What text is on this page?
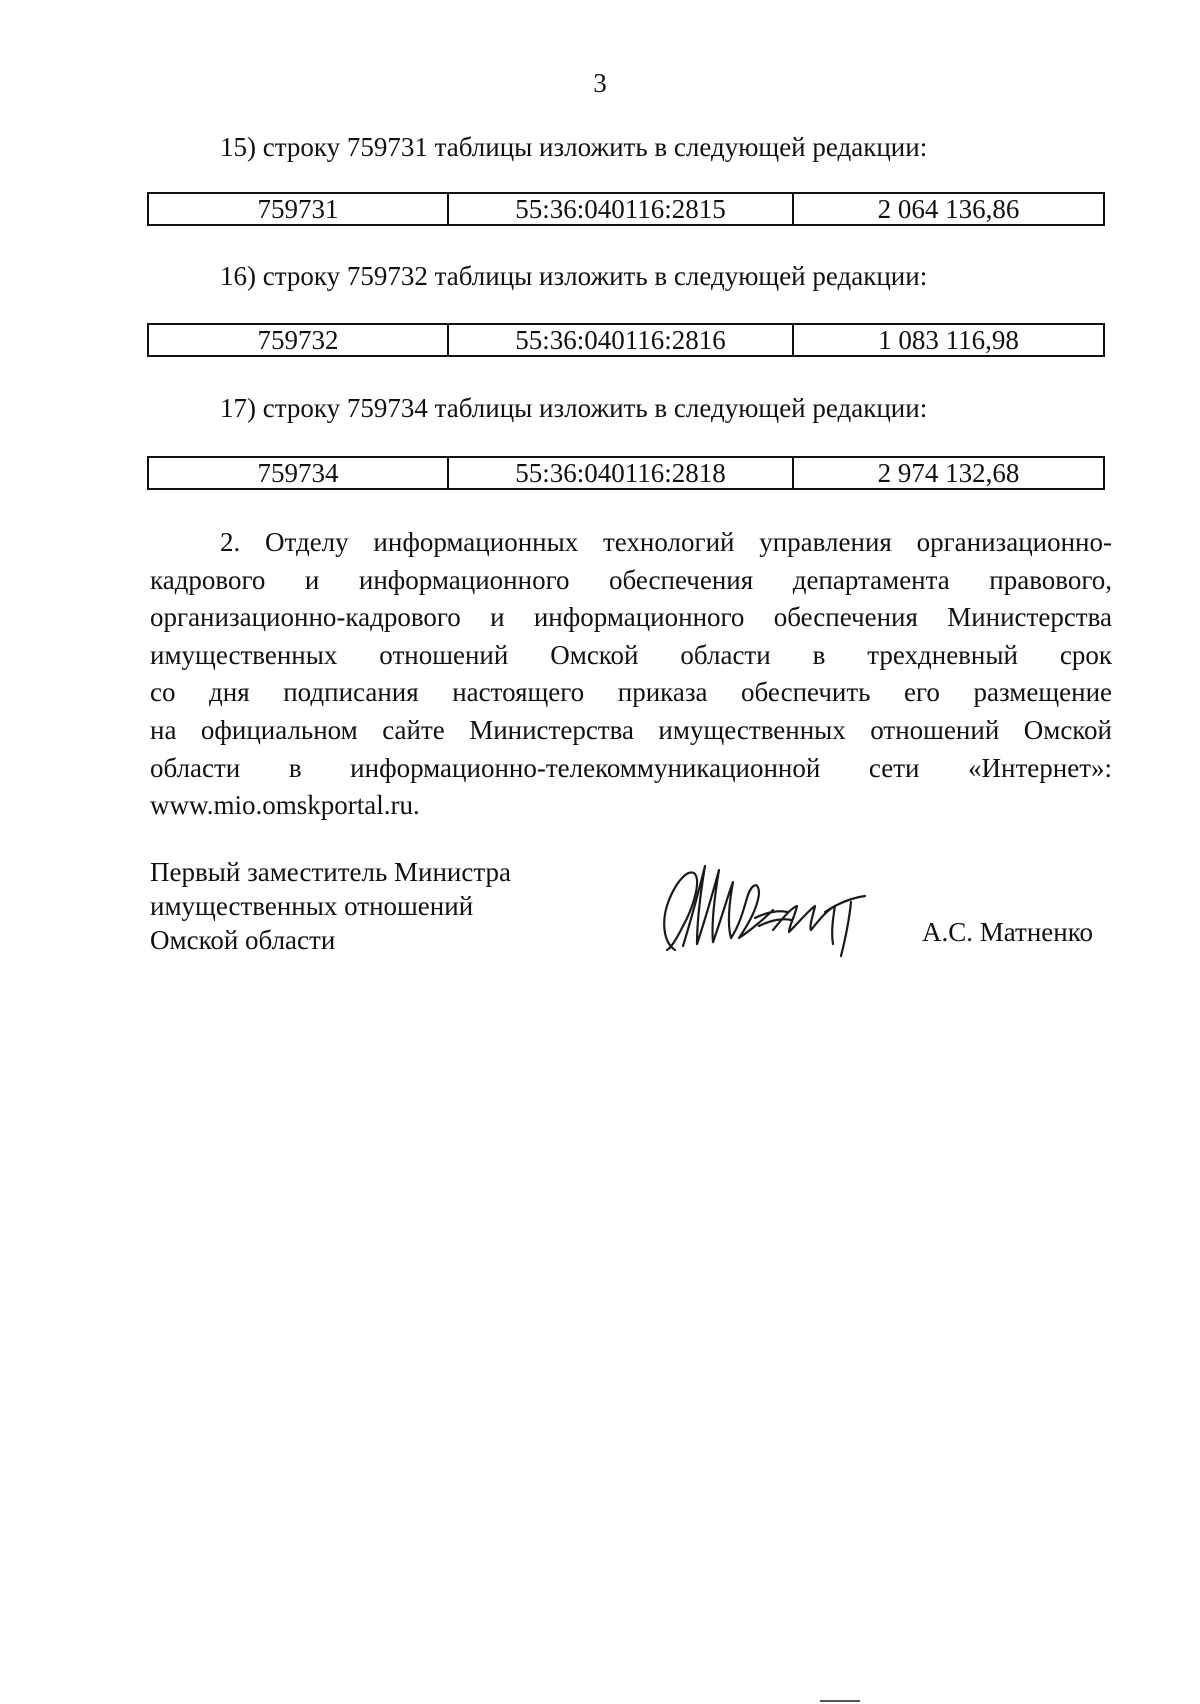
3
15) строку 759731 таблицы изложить в следующей редакции:
759731	55:36:040116:2815	2 064 136,86
16) строку 759732 таблицы изложить в следующей редакции:
759732	55:36:040116:2816	1 083 116,98
17) строку 759734 таблицы изложить в следующей редакции:
759734	55:36:040116:2818	2 974 132,68
2. Отделу информационных технологий управления организационно-
кадрового и информационного обеспечения департамента правового,
организационно-кадрового и информационного обеспечения Министерства
имущественных отношений Омской области в трехдневный срок
со дня подписания настоящего приказа обеспечить его размещение
на официальном сайте Министерства имущественных отношений Омской
области в информационно-телекоммуникационной сети «Интернет»:
www.mio.omskportal.ru.
Первый заместитель Министра
имущественных отношений
Омской области	А.С. Матненко
